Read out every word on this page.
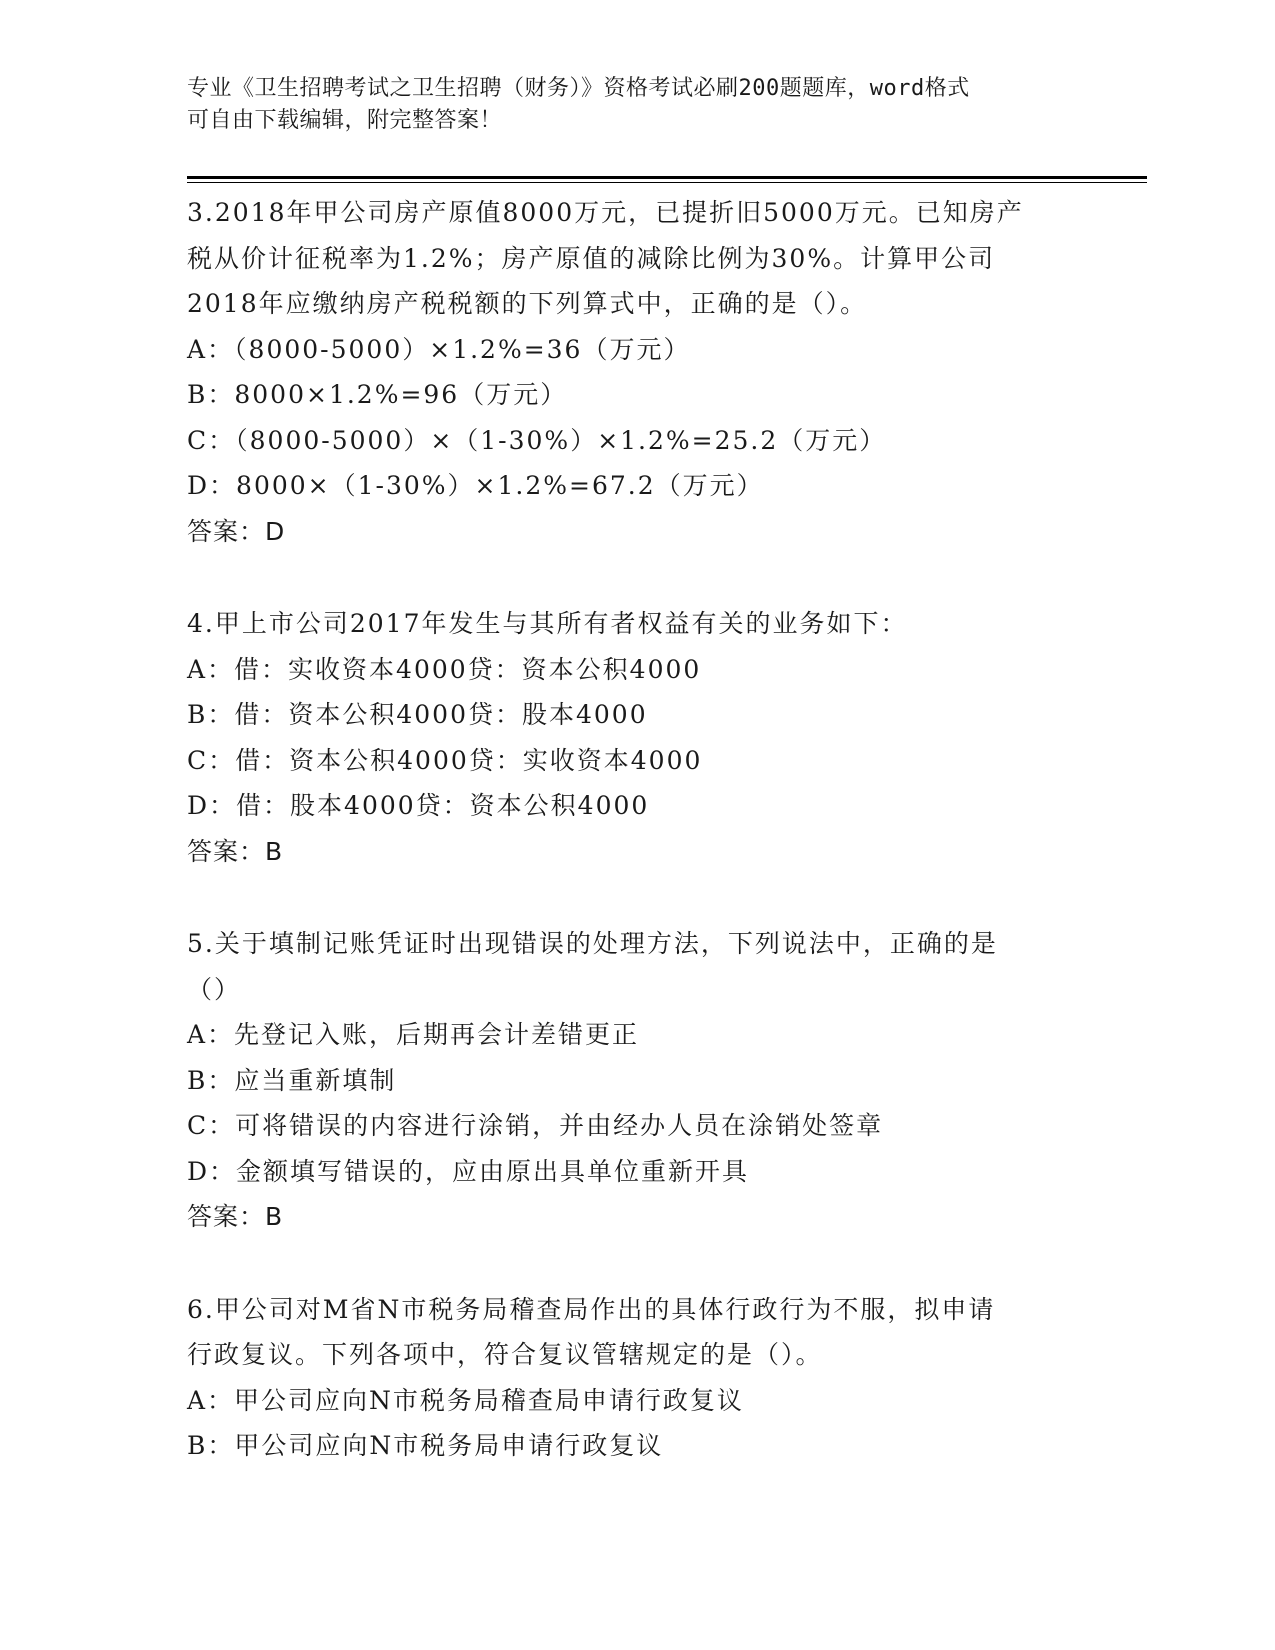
专业《卫生招聘考试之卫生招聘（财务）》资格考试必刷200题题库，word格式
可自由下载编辑，附完整答案！
3.2018年甲公司房产原值8000万元，已提折旧5000万元。已知房产
税从价计征税率为1.2%；房产原值的减除比例为30%。计算甲公司
2018年应缴纳房产税税额的下列算式中，正确的是（）。
A：（8000-5000）×1.2%=36（万元）
B：8000×1.2%=96（万元）
C：（8000-5000）×（1-30%）×1.2%=25.2（万元）
D：8000×（1-30%）×1.2%=67.2（万元）
答案：D
4.甲上市公司2017年发生与其所有者权益有关的业务如下：
A：借：实收资本4000贷：资本公积4000
B：借：资本公积4000贷：股本4000
C：借：资本公积4000贷：实收资本4000
D：借：股本4000贷：资本公积4000
答案：B
5.关于填制记账凭证时出现错误的处理方法，下列说法中，正确的是
（）
A：先登记入账，后期再会计差错更正
B：应当重新填制
C：可将错误的内容进行涂销，并由经办人员在涂销处签章
D：金额填写错误的，应由原出具单位重新开具
答案：B
6.甲公司对M省N市税务局稽查局作出的具体行政行为不服，拟申请
行政复议。下列各项中，符合复议管辖规定的是（）。
A：甲公司应向N市税务局稽查局申请行政复议
B：甲公司应向N市税务局申请行政复议
